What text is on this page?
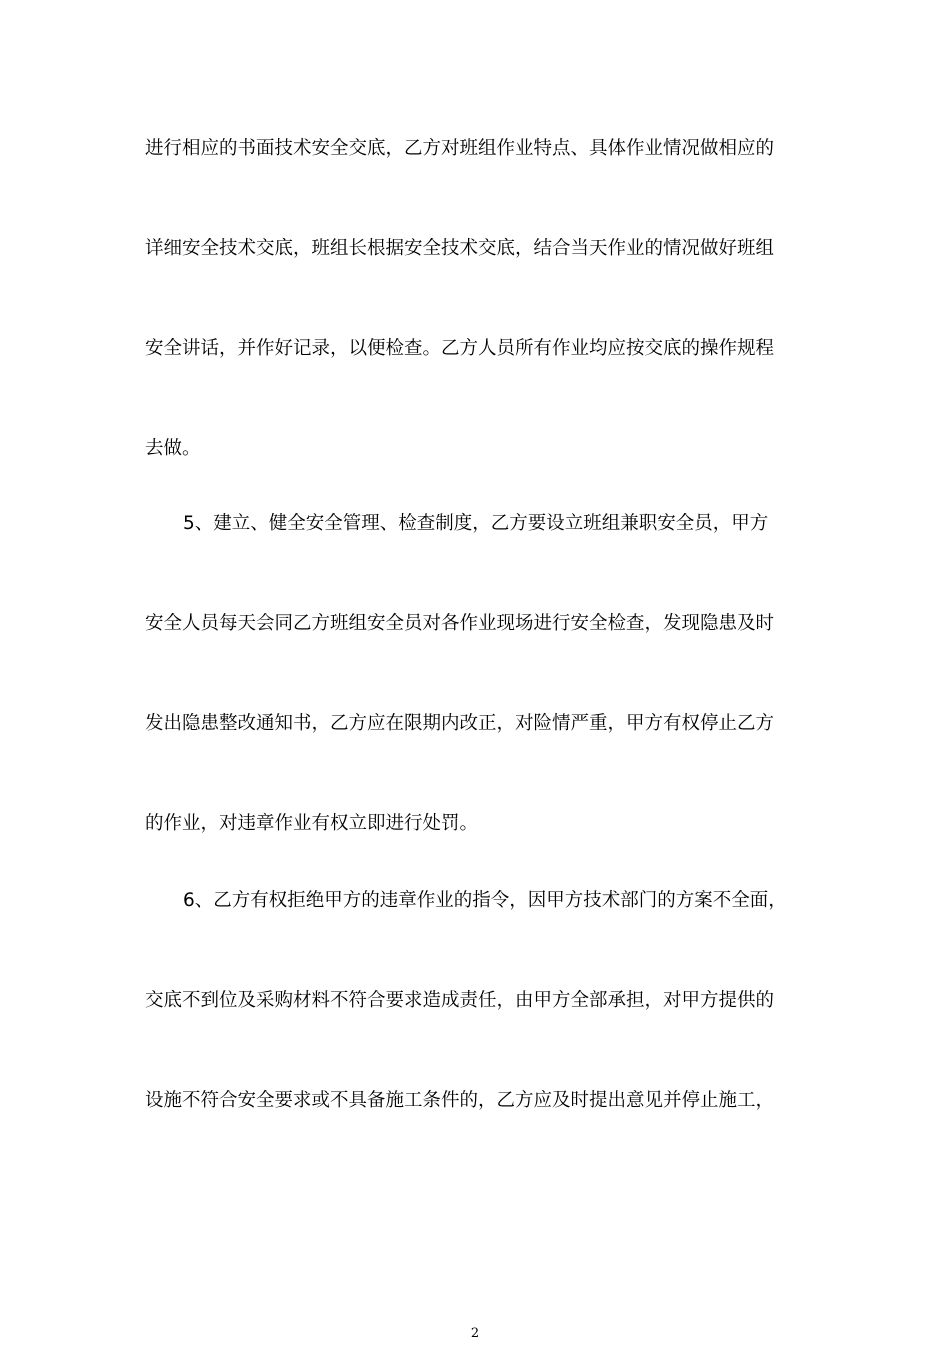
进行相应的书面技术安全交底，乙方对班组作业特点、具体作业情况做相应的
详细安全技术交底，班组长根据安全技术交底，结合当天作业的情况做好班组
安全讲话，并作好记录，以便检查。乙方人员所有作业均应按交底的操作规程
去做。
5、建立、健全安全管理、检查制度，乙方要设立班组兼职安全员，甲方
安全人员每天会同乙方班组安全员对各作业现场进行安全检查，发现隐患及时
发出隐患整改通知书，乙方应在限期内改正，对险情严重，甲方有权停止乙方
的作业，对违章作业有权立即进行处罚。
6、乙方有权拒绝甲方的违章作业的指令，因甲方技术部门的方案不全面，
交底不到位及采购材料不符合要求造成责任，由甲方全部承担，对甲方提供的
设施不符合安全要求或不具备施工条件的，乙方应及时提出意见并停止施工，
2
